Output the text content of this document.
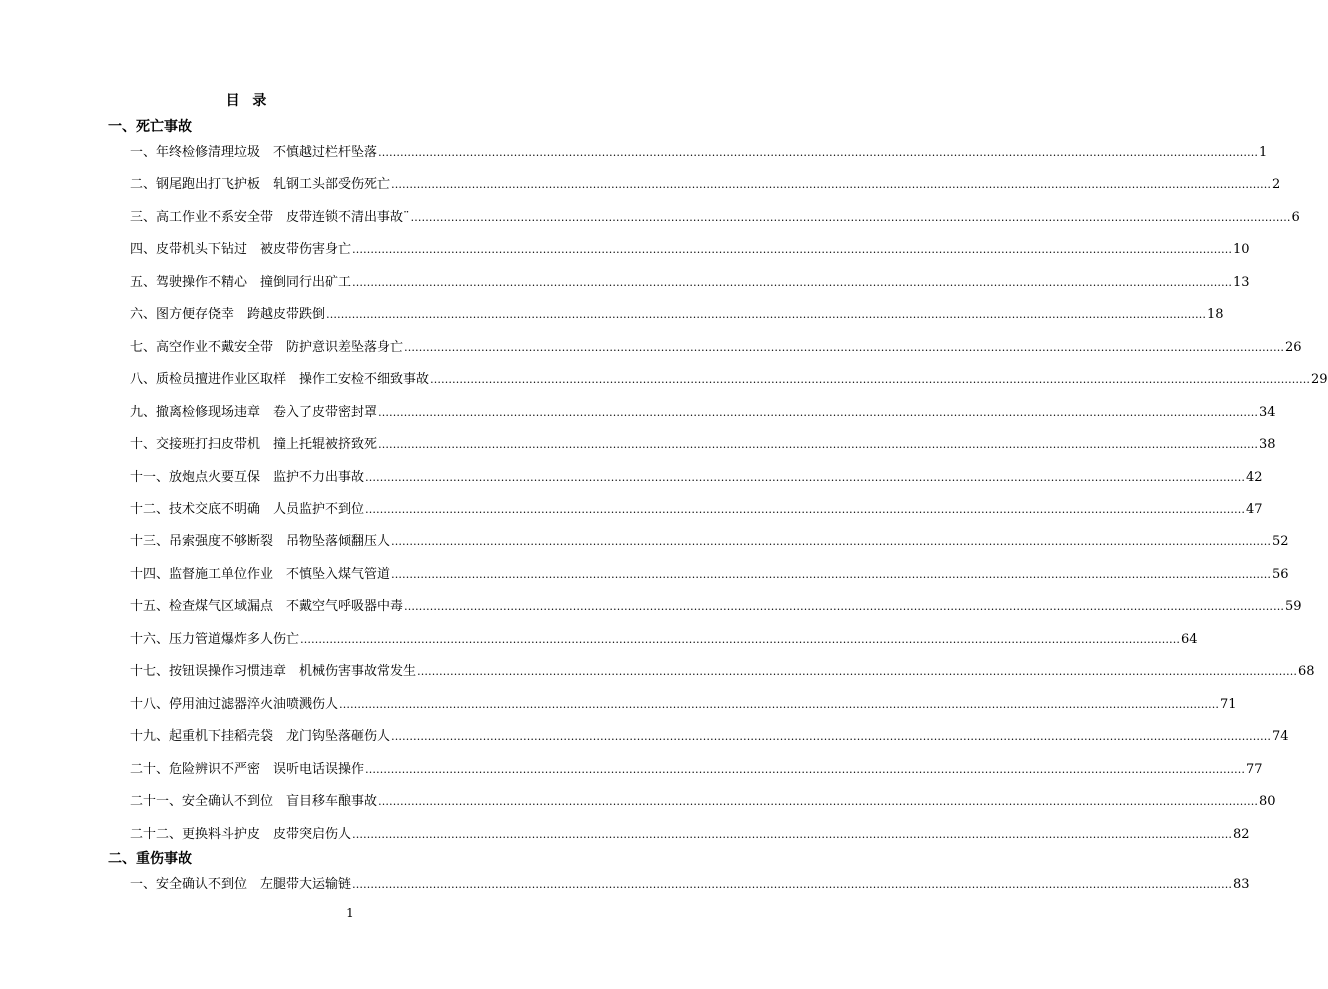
目 录
一、死亡事故
一、年终检修清理垃圾　不慎越过栏杆坠落 …………………………………………………………………………………………………………………………………………………………………………………………………………………… 1
二、钢尾跑出打飞护板　轧钢工头部受伤死亡 …………………………………………………………………………………………………………………………………………………………………………………………………………………… 2
三、高工作业不系安全带　皮带连锁不清出事故¨ …………………………………………………………………………………………………………………………………………………………………………………………………………………… 6
四、皮带机头下钻过　被皮带伤害身亡 …………………………………………………………………………………………………………………………………………………………………………………………………………………… 10
五、驾驶操作不精心　撞倒同行出矿工 …………………………………………………………………………………………………………………………………………………………………………………………………………………… 13
六、图方便存侥幸　跨越皮带跌倒 …………………………………………………………………………………………………………………………………………………………………………………………………………………… 18
七、高空作业不戴安全带　防护意识差坠落身亡 …………………………………………………………………………………………………………………………………………………………………………………………………………………… 26
八、质检员擅进作业区取样　操作工安检不细致事故 …………………………………………………………………………………………………………………………………………………………………………………………………………………… 29
九、撤离检修现场违章　卷入了皮带密封罩 …………………………………………………………………………………………………………………………………………………………………………………………………………………… 34
十、交接班打扫皮带机　撞上托辊被挤致死 …………………………………………………………………………………………………………………………………………………………………………………………………………………… 38
十一、放炮点火要互保　监护不力出事故 …………………………………………………………………………………………………………………………………………………………………………………………………………………… 42
十二、技术交底不明确　人员监护不到位 …………………………………………………………………………………………………………………………………………………………………………………………………………………… 47
十三、吊索强度不够断裂　吊物坠落倾翻压人 …………………………………………………………………………………………………………………………………………………………………………………………………………………… 52
十四、监督施工单位作业　不慎坠入煤气管道 …………………………………………………………………………………………………………………………………………………………………………………………………………………… 56
十五、检查煤气区域漏点　不戴空气呼吸器中毒 …………………………………………………………………………………………………………………………………………………………………………………………………………………… 59
十六、压力管道爆炸多人伤亡 …………………………………………………………………………………………………………………………………………………………………………………………………………………… 64
十七、按钮误操作习惯违章　机械伤害事故常发生 …………………………………………………………………………………………………………………………………………………………………………………………………………………… 68
十八、停用油过滤器淬火油喷溅伤人 …………………………………………………………………………………………………………………………………………………………………………………………………………………… 71
十九、起重机下挂稻壳袋　龙门钩坠落砸伤人 …………………………………………………………………………………………………………………………………………………………………………………………………………………… 74
二十、危险辨识不严密　误听电话误操作 …………………………………………………………………………………………………………………………………………………………………………………………………………………… 77
二十一、安全确认不到位　盲目移车酿事故 …………………………………………………………………………………………………………………………………………………………………………………………………………………… 80
二十二、更换料斗护皮　皮带突启伤人 …………………………………………………………………………………………………………………………………………………………………………………………………………………… 82
二、重伤事故
一、安全确认不到位　左腿带大运输链 …………………………………………………………………………………………………………………………………………………………………………………………………………………… 83
1
